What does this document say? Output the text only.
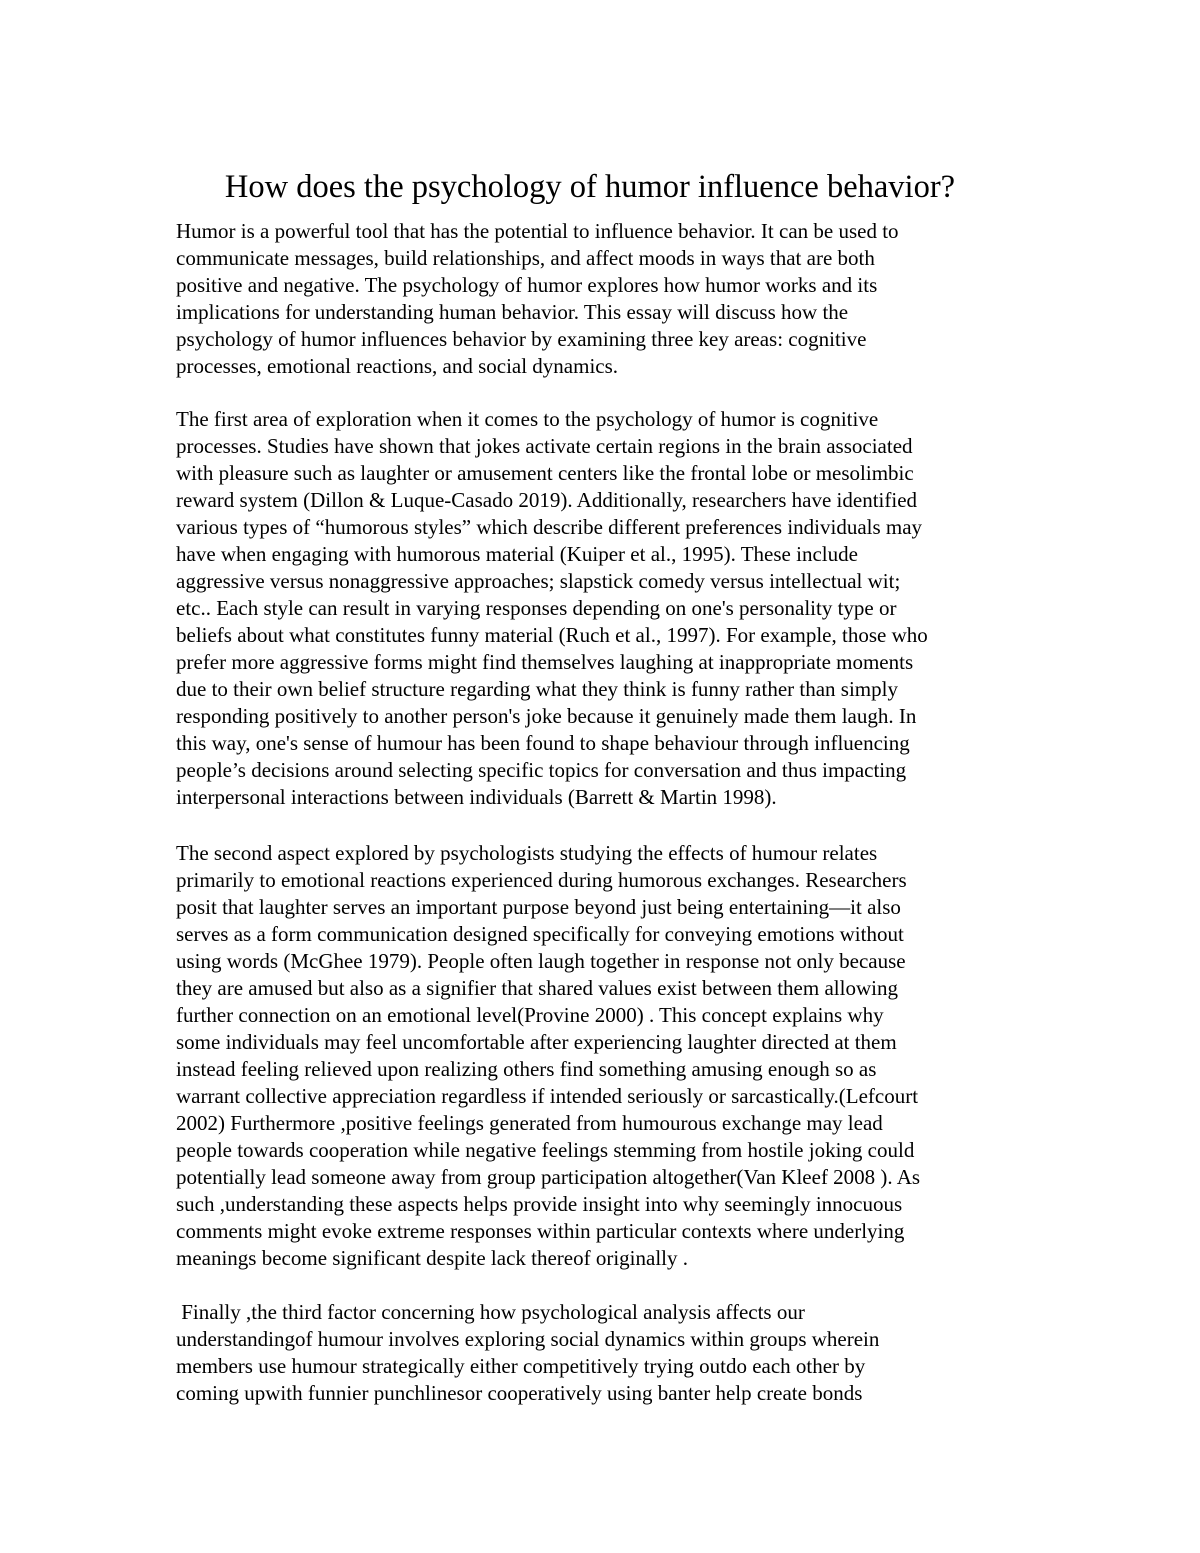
How does the psychology of humor influence behavior?

Humor is a powerful tool that has the potential to influence behavior. It can be used to

communicate messages, build relationships, and affect moods in ways that are both

positive and negative. The psychology of humor explores how humor works and its

implications for understanding human behavior. This essay will discuss how the

psychology of humor influences behavior by examining three key areas: cognitive

processes, emotional reactions, and social dynamics.

The first area of exploration when it comes to the psychology of humor is cognitive

processes. Studies have shown that jokes activate certain regions in the brain associated

with pleasure such as laughter or amusement centers like the frontal lobe or mesolimbic

reward system (Dillon & Luque-Casado 2019). Additionally, researchers have identified

various types of “humorous styles” which describe different preferences individuals may

have when engaging with humorous material (Kuiper et al., 1995). These include

aggressive versus nonaggressive approaches; slapstick comedy versus intellectual wit;

etc.. Each style can result in varying responses depending on one's personality type or

beliefs about what constitutes funny material (Ruch et al., 1997). For example, those who

prefer more aggressive forms might find themselves laughing at inappropriate moments

due to their own belief structure regarding what they think is funny rather than simply

responding positively to another person's joke because it genuinely made them laugh. In

this way, one's sense of humour has been found to shape behaviour through influencing

people’s decisions around selecting specific topics for conversation and thus impacting

interpersonal interactions between individuals (Barrett & Martin 1998).

The second aspect explored by psychologists studying the effects of humour relates

primarily to emotional reactions experienced during humorous exchanges. Researchers

posit that laughter serves an important purpose beyond just being entertaining—it also

serves as a form communication designed specifically for conveying emotions without

using words (McGhee 1979). People often laugh together in response not only because

they are amused but also as a signifier that shared values exist between them allowing

further connection on an emotional level(Provine 2000) . This concept explains why

some individuals may feel uncomfortable after experiencing laughter directed at them

instead feeling relieved upon realizing others find something amusing enough so as

warrant collective appreciation regardless if intended seriously or sarcastically.(Lefcourt

2002) Furthermore ,positive feelings generated from humourous exchange may lead

people towards cooperation while negative feelings stemming from hostile joking could

potentially lead someone away from group participation altogether(Van Kleef 2008 ). As

such ,understanding these aspects helps provide insight into why seemingly innocuous

comments might evoke extreme responses within particular contexts where underlying

meanings become significant despite lack thereof originally .

Finally ,the third factor concerning how psychological analysis affects our

understandingof humour involves exploring social dynamics within groups wherein

members use humour strategically either competitively trying outdo each other by

coming upwith funnier punchlinesor cooperatively using banter help create bonds
